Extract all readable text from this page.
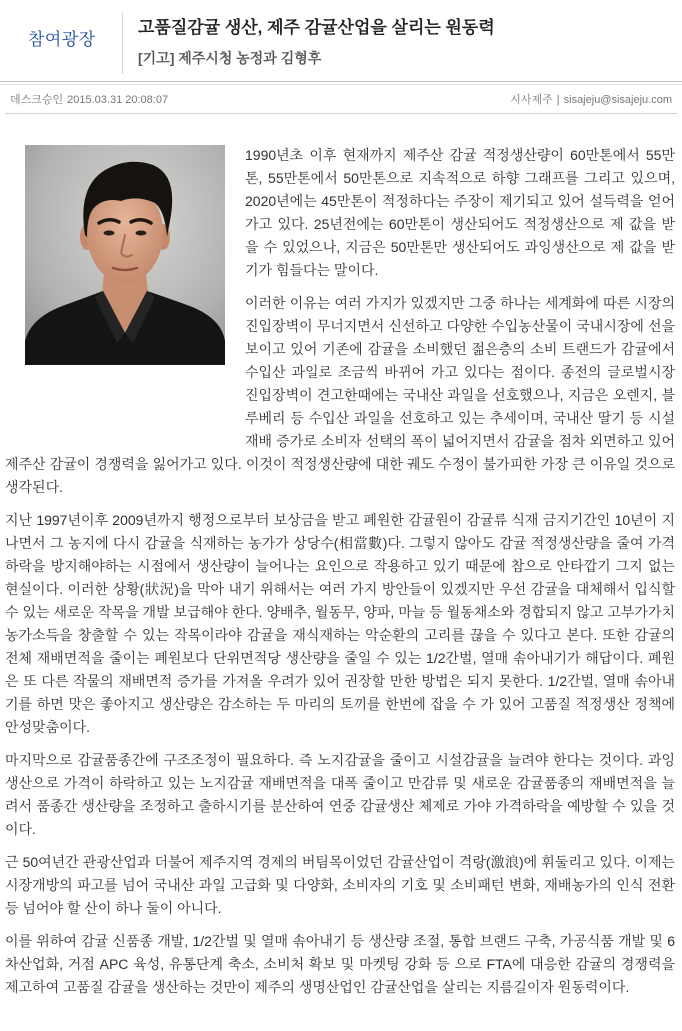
참여광장
고품질감귤 생산, 제주 감귤산업을 살리는 원동력
[기고] 제주시청 농정과 김형후
데스크승인 2015.03.31 20:08:07	시사제주 | sisajeju@sisajeju.com

1990년초 이후 현재까지 제주산 감귤 적정생산량이 60만톤에서 55만톤, 55만톤에서 50만톤으로 지속적으로 하향 그래프를 그리고 있으며, 2020년에는 45만톤이 적정하다는 주장이 제기되고 있어 설득력을 얻어가고 있다. 25년전에는 60만톤이 생산되어도 적정생산으로 제 값을 받을 수 있었으나, 지금은 50만톤만 생산되어도 과잉생산으로 제 값을 받기가 힘들다는 말이다.

이러한 이유는 여러 가지가 있겠지만 그중 하나는 세계화에 따른 시장의 진입장벽이 무너지면서 신선하고 다양한 수입농산물이 국내시장에 선을 보이고 있어 기존에 감귤을 소비했던 젊은층의 소비 트랜드가 감귤에서 수입산 과일로 조금씩 바뀌어 가고 있다는 점이다. 종전의 글로벌시장 진입장벽이 견고한때에는 국내산 과일을 선호했으나, 지금은 오렌지, 블루베리 등 수입산 과일을 선호하고 있는 추세이며, 국내산 딸기 등 시설재배 증가로 소비자 선택의 폭이 넓어지면서 감귤을 점차 외면하고 있어 제주산 감귤이 경쟁력을 잃어가고 있다. 이것이 적정생산량에 대한 궤도 수정이 불가피한 가장 큰 이유일 것으로 생각된다.

지난 1997년이후 2009년까지 행정으로부터 보상금을 받고 폐원한 감귤원이 감귤류 식재 금지기간인 10년이 지나면서 그 농지에 다시 감귤을 식재하는 농가가 상당수(相當數)다. 그렇지 않아도 감귤 적정생산량을 줄여 가격하락을 방지해야하는 시점에서 생산량이 늘어나는 요인으로 작용하고 있기 때문에 참으로 안타깝기 그지 없는 현실이다. 이러한 상황(狀況)을 막아 내기 위해서는 여러 가지 방안들이 있겠지만 우선 감귤을 대체해서 입식할 수 있는 새로운 작목을 개발 보급해야 한다. 양배추, 월동무, 양파, 마늘 등 월동채소와 경합되지 않고 고부가가치 농가소득을 창출할 수 있는 작목이라야 감귤을 재식재하는 악순환의 고리를 끊을 수 있다고 본다. 또한 감귤의 전체 재배면적을 줄이는 폐원보다 단위면적당 생산량을 줄일 수 있는 1/2간벌, 열매 솎아내기가 해답이다. 폐원은 또 다른 작물의 재배면적 증가를 가져올 우려가 있어 권장할 만한 방법은 되지 못한다. 1/2간벌, 열매 솎아내기를 하면 맛은 좋아지고 생산량은 감소하는 두 마리의 토끼를 한번에 잡을 수 가 있어 고품질 적정생산 정책에 안성맞춤이다.

마지막으로 감귤품종간에 구조조정이 필요하다. 즉 노지감귤을 줄이고 시설감귤을 늘려야 한다는 것이다. 과잉생산으로 가격이 하락하고 있는 노지감귤 재배면적을 대폭 줄이고 만감류 및 새로운 감귤품종의 재배면적을 늘려서 품종간 생산량을 조정하고 출하시기를 분산하여 연중 감귤생산 체제로 가야 가격하락을 예방할 수 있을 것이다.

근 50여년간 관광산업과 더불어 제주지역 경제의 버팀목이었던 감귤산업이 격랑(激浪)에 휘둘리고 있다. 이제는 시장개방의 파고를 넘어 국내산 과일 고급화 및 다양화, 소비자의 기호 및 소비패턴 변화, 재배농가의 인식 전환 등 넘어야 할 산이 하나 둘이 아니다.

이를 위하여 감귤 신품종 개발, 1/2간벌 및 열매 솎아내기 등 생산량 조절, 통합 브랜드 구축, 가공식품 개발 및 6차산업화, 거점 APC 육성, 유통단계 축소, 소비처 확보 및 마켓팅 강화 등 으로 FTA에 대응한 감귤의 경쟁력을 제고하여 고품질 감귤을 생산하는 것만이 제주의 생명산업인 감귤산업을 살리는 지름길이자 원동력이다.
